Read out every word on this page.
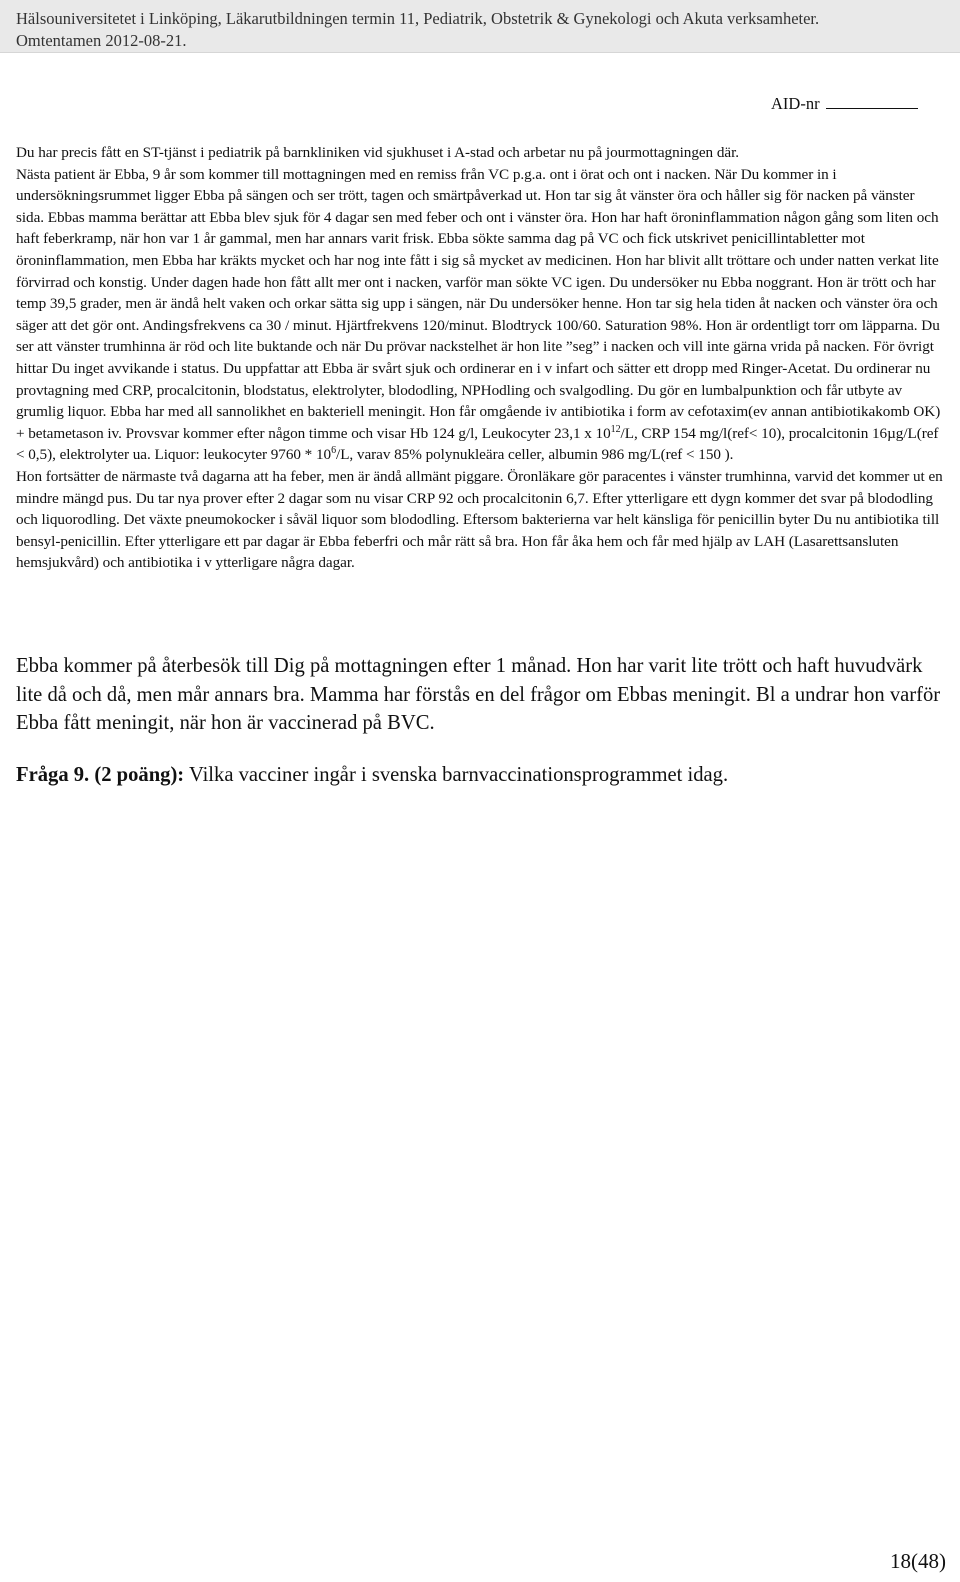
Hälsouniversitetet i Linköping, Läkarutbildningen termin 11, Pediatrik, Obstetrik & Gynekologi och Akuta verksamheter.
Omtentamen 2012-08-21.
AID-nr

Du har precis fått en ST-tjänst i pediatrik på barnkliniken vid sjukhuset i A-stad och arbetar nu på jourmottagningen där.

Nästa patient är Ebba, 9 år som kommer till mottagningen med en remiss från VC p.g.a. ont i örat och ont i nacken. När Du kommer in i undersökningsrummet ligger Ebba på sängen och ser trött, tagen och smärtpåverkad ut. Hon tar sig åt vänster öra och håller sig för nacken på vänster sida. Ebbas mamma berättar att Ebba blev sjuk för 4 dagar sen med feber och ont i vänster öra. Hon har haft öroninflammation någon gång som liten och haft feberkramp, när hon var 1 år gammal, men har annars varit frisk. Ebba sökte samma dag på VC och fick utskrivet penicillintabletter mot öroninflammation, men Ebba har kräkts mycket och har nog inte fått i sig så mycket av medicinen. Hon har blivit allt tröttare och under natten verkat lite förvirrad och konstig. Under dagen hade hon fått allt mer ont i nacken, varför man sökte VC igen. Du undersöker nu Ebba noggrant. Hon är trött och har temp 39,5 grader, men är ändå helt vaken och orkar sätta sig upp i sängen, när Du undersöker henne. Hon tar sig hela tiden åt nacken och vänster öra och säger att det gör ont. Andingsfrekvens ca 30 / minut. Hjärtfrekvens 120/minut. Blodtryck 100/60. Saturation 98%. Hon är ordentligt torr om läpparna. Du ser att vänster trumhinna är röd och lite buktande och när Du prövar nackstelhet är hon lite ”seg” i nacken och vill inte gärna vrida på nacken. För övrigt hittar Du inget avvikande i status. Du uppfattar att Ebba är svårt sjuk och ordinerar en i v infart och sätter ett dropp med Ringer-Acetat. Du ordinerar nu provtagning med CRP, procalcitonin, blodstatus, elektrolyter, blododling, NPHodling och svalgodling. Du gör en lumbalpunktion och får utbyte av grumlig liquor. Ebba har med all sannolikhet en bakteriell meningit. Hon får omgående iv antibiotika i form av cefotaxim(ev annan antibiotikakomb OK) + betametason iv. Provsvar kommer efter någon timme och visar Hb 124 g/l, Leukocyter 23,1 x $10^{12}/L$, CRP 154 mg/l(ref< 10), procalcitonin 16µg/L(ref < 0,5), elektrolyter ua. Liquor: leukocyter $9760 * 10^6/L$, varav 85% polynukleära celler, albumin 986 mg/L(ref < 150 ).

Hon fortsätter de närmaste två dagarna att ha feber, men är ändå allmänt piggare. Öronläkare gör paracentes i vänster trumhinna, varvid det kommer ut en mindre mängd pus. Du tar nya prover efter 2 dagar som nu visar CRP 92 och procalcitonin 6,7. Efter ytterligare ett dygn kommer det svar på blododling och liquorodling. Det växte pneumokocker i såväl liquor som blododling. Eftersom bakterierna var helt känsliga för penicillin byter Du nu antibiotika till bensyl-penicillin. Efter ytterligare ett par dagar är Ebba feberfri och mår rätt så bra. Hon får åka hem och får med hjälp av LAH (Lasarettsansluten hemsjukvård) och antibiotika i v ytterligare några dagar.

Ebba kommer på återbesök till Dig på mottagningen efter 1 månad. Hon har varit lite trött och haft huvudvärk lite då och då, men mår annars bra. Mamma har förstås en del frågor om Ebbas meningit. Bl a undrar hon varför Ebba fått meningit, när hon är vaccinerad på BVC.
Fråga 9. (2 poäng): Vilka vacciner ingår i svenska barnvaccinationsprogrammet idag.
18(48)
